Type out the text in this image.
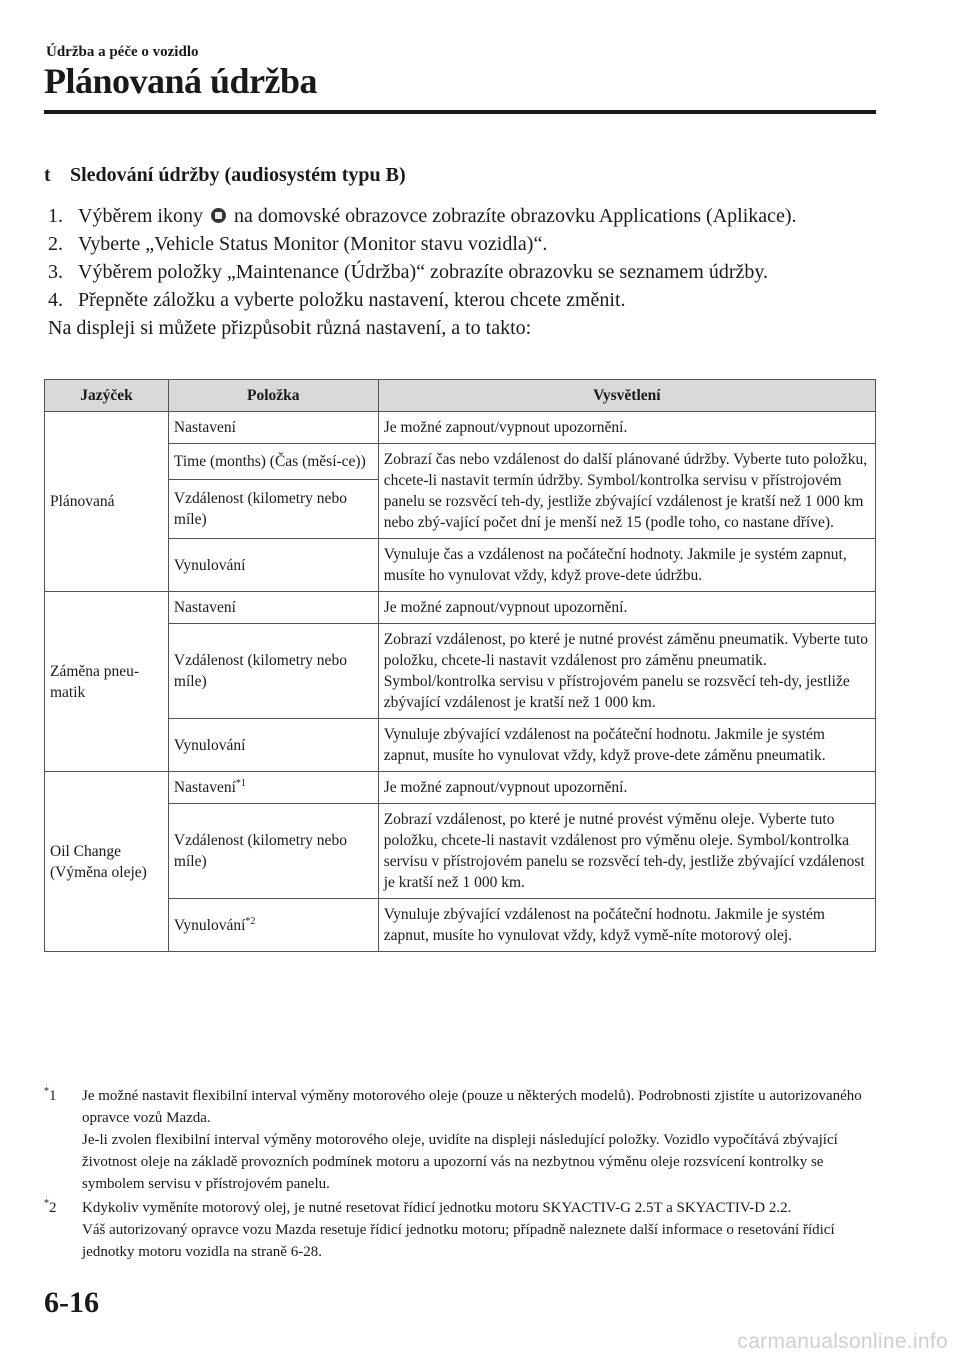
Údržba a péče o vozidlo
Plánovaná údržba
t Sledování údržby (audiosystém typu B)
1. Výběrem ikony na domovské obrazovce zobrazíte obrazovku Applications (Aplikace).
2. Vyberte „Vehicle Status Monitor (Monitor stavu vozidla)“.
3. Výběrem položky „Maintenance (Údržba)“ zobrazíte obrazovku se seznamem údržby.
4. Přepněte záložku a vyberte položku nastavení, kterou chcete změnit.
Na displeji si můžete přizpůsobit různá nastavení, a to takto:
Jazýček	Položka	Vysvětlení
Plánovaná	Nastavení	Je možné zapnout/vypnout upozornění.
	Time (months) (Čas (měsí-ce))	Zobrazí čas nebo vzdálenost do další plánované údržby. Vyberte tuto položku, chcete-li nastavit termín údržby. Symbol/kontrolka servisu v přístrojovém panelu se rozsvěcí teh-dy, jestliže zbývající vzdálenost je kratší než 1 000 km nebo zbý-vající počet dní je menší než 15 (podle toho, co nastane dříve).
	Vzdálenost (kilometry nebo míle)	
	Vynulování	Vynuluje čas a vzdálenost na počáteční hodnoty. Jakmile je systém zapnut, musíte ho vynulovat vždy, když prove-dete údržbu.
Záměna pneu-matik	Nastavení	Je možné zapnout/vypnout upozornění.
	Vzdálenost (kilometry nebo míle)	Zobrazí vzdálenost, po které je nutné provést záměnu pneumatik. Vyberte tuto položku, chcete-li nastavit vzdálenost pro záměnu pneumatik. Symbol/kontrolka servisu v přístrojovém panelu se rozsvěcí teh-dy, jestliže zbývající vzdálenost je kratší než 1 000 km.
	Vynulování	Vynuluje zbývající vzdálenost na počáteční hodnotu. Jakmile je systém zapnut, musíte ho vynulovat vždy, když prove-dete záměnu pneumatik.
Oil Change (Výměna oleje)	Nastavení$^{*1}$	Je možné zapnout/vypnout upozornění.
	Vzdálenost (kilometry nebo míle)	Zobrazí vzdálenost, po které je nutné provést výměnu oleje. Vyberte tuto položku, chcete-li nastavit vzdálenost pro výměnu oleje. Symbol/kontrolka servisu v přístrojovém panelu se rozsvěcí teh-dy, jestliže zbývající vzdálenost je kratší než 1 000 km.
	Vynulování$^{*2}$	Vynuluje zbývající vzdálenost na počáteční hodnotu. Jakmile je systém zapnut, musíte ho vynulovat vždy, když vymě-níte motorový olej.
*1	Je možné nastavit flexibilní interval výměny motorového oleje (pouze u některých modelů). Podrobnosti zjistíte u autorizovaného opravce vozů Mazda.

Je-li zvolen flexibilní interval výměny motorového oleje, uvidíte na displeji následující položky. Vozidlo vypočítává zbývající životnost oleje na základě provozních podmínek motoru a upozorní vás na nezbytnou výměnu oleje rozsvícení kontrolky se symbolem servisu v přístrojovém panelu.

*2	Kdykoliv vyměníte motorový olej, je nutné resetovat řídicí jednotku motoru SKYACTIV-G 2.5T a SKYACTIV-D 2.2.

Váš autorizovaný opravce vozu Mazda resetuje řídicí jednotku motoru; případně naleznete další informace o resetování řídicí jednotky motoru vozidla na straně 6-28.

6-16
carmanualsonline.info
